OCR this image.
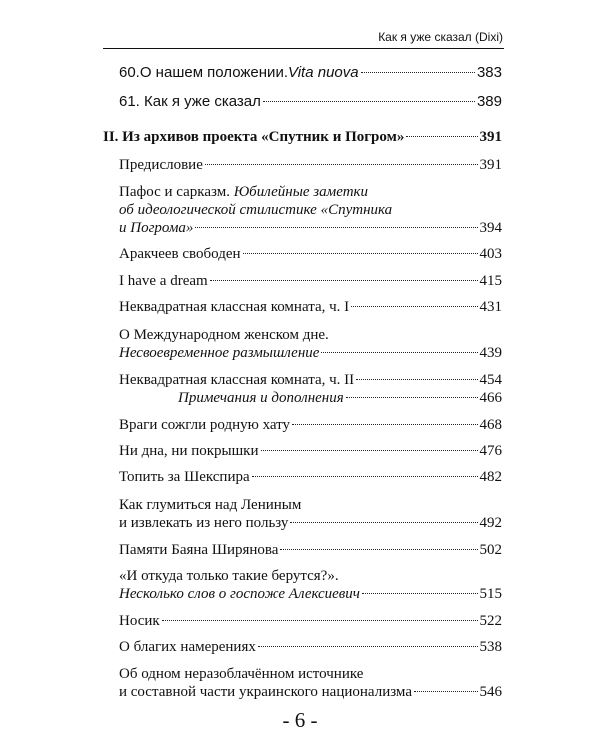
Как я уже сказал (Dixi)
60.О нашем положении. Vita nuova	383
61. Как я уже сказал	389
II. Из архивов проекта «Спутник и Погром»	391
Предисловие	391
Пафос и сарказм. Юбилейные заметки
об идеологической стилистике «Спутника
и Погрома»	394
Аракчеев свободен	403
I have a dream	415
Неквадратная классная комната, ч. I	431
О Международном женском дне.
Несвоевременное размышление	439
Неквадратная классная комната, ч. II	454
Примечания и дополнения	466
Враги сожгли родную хату	468
Ни дна, ни покрышки	476
Топить за Шекспира	482
Как глумиться над Лениным
и извлекать из него пользу	492
Памяти Баяна Ширянова	502
«И откуда только такие берутся?».
Несколько слов о госпоже Алексиевич	515
Носик	522
О благих намерениях	538
Об одном неразоблачённом источнике
и составной части украинского национализма	546
- 6 -
